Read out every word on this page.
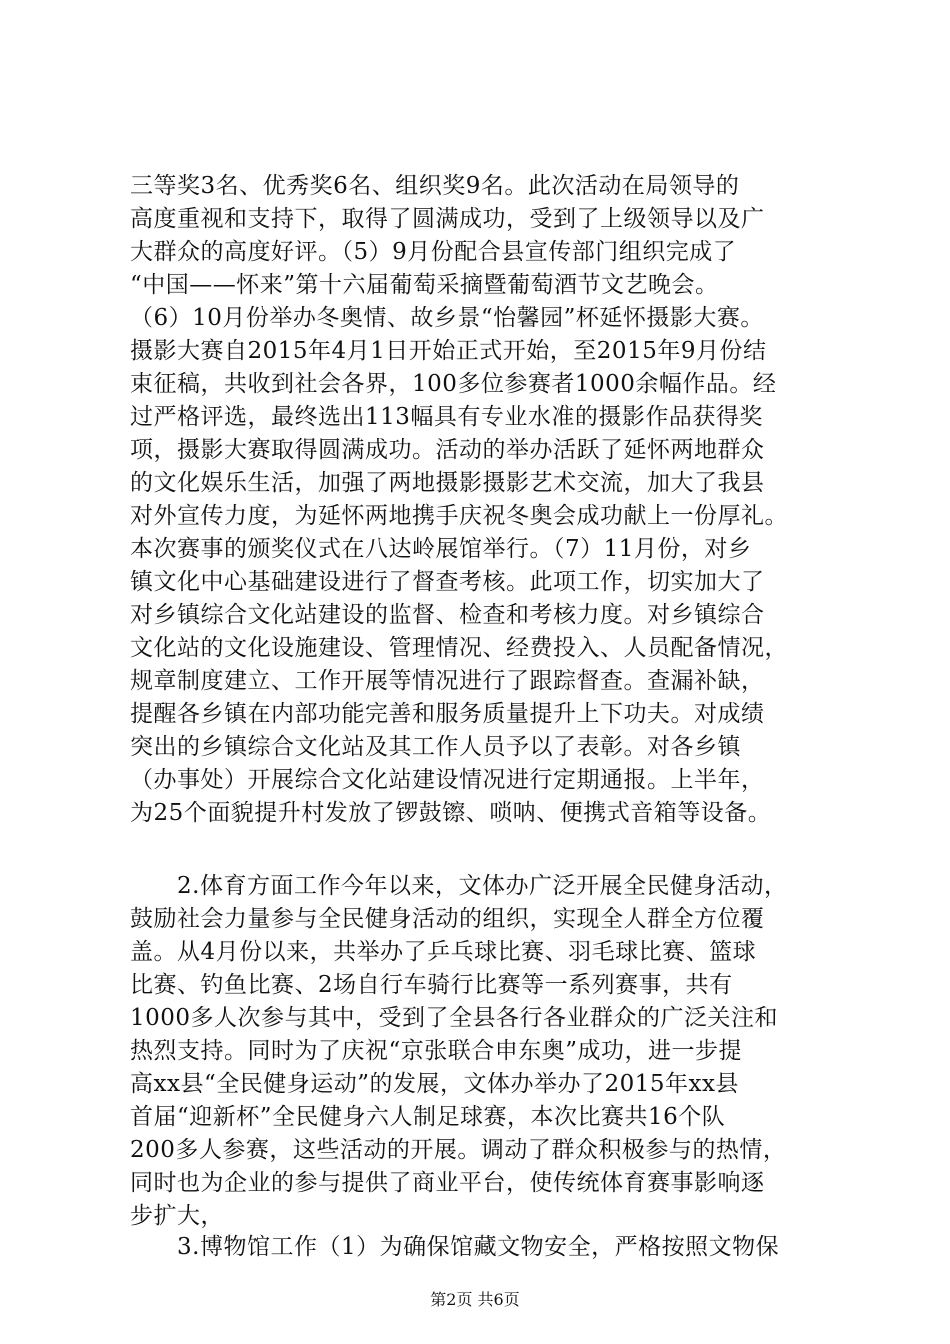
三等奖3名、优秀奖6名、组织奖9名。此次活动在局领导的
高度重视和支持下，取得了圆满成功，受到了上级领导以及广
大群众的高度好评。（5）9月份配合县宣传部门组织完成了
“中国——怀来”第十六届葡萄采摘暨葡萄酒节文艺晚会。
（6）10月份举办冬奥情、故乡景“怡馨园”杯延怀摄影大赛。
摄影大赛自2015年4月1日开始正式开始，至2015年9月份结
束征稿，共收到社会各界，100多位参赛者1000余幅作品。经
过严格评选，最终选出113幅具有专业水准的摄影作品获得奖
项，摄影大赛取得圆满成功。活动的举办活跃了延怀两地群众
的文化娱乐生活，加强了两地摄影摄影艺术交流，加大了我县
对外宣传力度，为延怀两地携手庆祝冬奥会成功献上一份厚礼。
本次赛事的颁奖仪式在八达岭展馆举行。（7）11月份，对乡
镇文化中心基础建设进行了督查考核。此项工作，切实加大了
对乡镇综合文化站建设的监督、检查和考核力度。对乡镇综合
文化站的文化设施建设、管理情况、经费投入、人员配备情况，
规章制度建立、工作开展等情况进行了跟踪督查。查漏补缺，
提醒各乡镇在内部功能完善和服务质量提升上下功夫。对成绩
突出的乡镇综合文化站及其工作人员予以了表彰。对各乡镇
（办事处）开展综合文化站建设情况进行定期通报。上半年，
为25个面貌提升村发放了锣鼓镲、唢呐、便携式音箱等设备。
　　2.体育方面工作今年以来，文体办广泛开展全民健身活动，
鼓励社会力量参与全民健身活动的组织，实现全人群全方位覆
盖。从4月份以来，共举办了乒乓球比赛、羽毛球比赛、篮球
比赛、钓鱼比赛、2场自行车骑行比赛等一系列赛事，共有
1000多人次参与其中，受到了全县各行各业群众的广泛关注和
热烈支持。同时为了庆祝“京张联合申东奥”成功，进一步提
高xx县“全民健身运动”的发展，文体办举办了2015年xx县
首届“迎新杯”全民健身六人制足球赛，本次比赛共16个队
200多人参赛，这些活动的开展。调动了群众积极参与的热情，
同时也为企业的参与提供了商业平台，使传统体育赛事影响逐
步扩大，
　　3.博物馆工作（1）为确保馆藏文物安全，严格按照文物保
第2页 共6页
